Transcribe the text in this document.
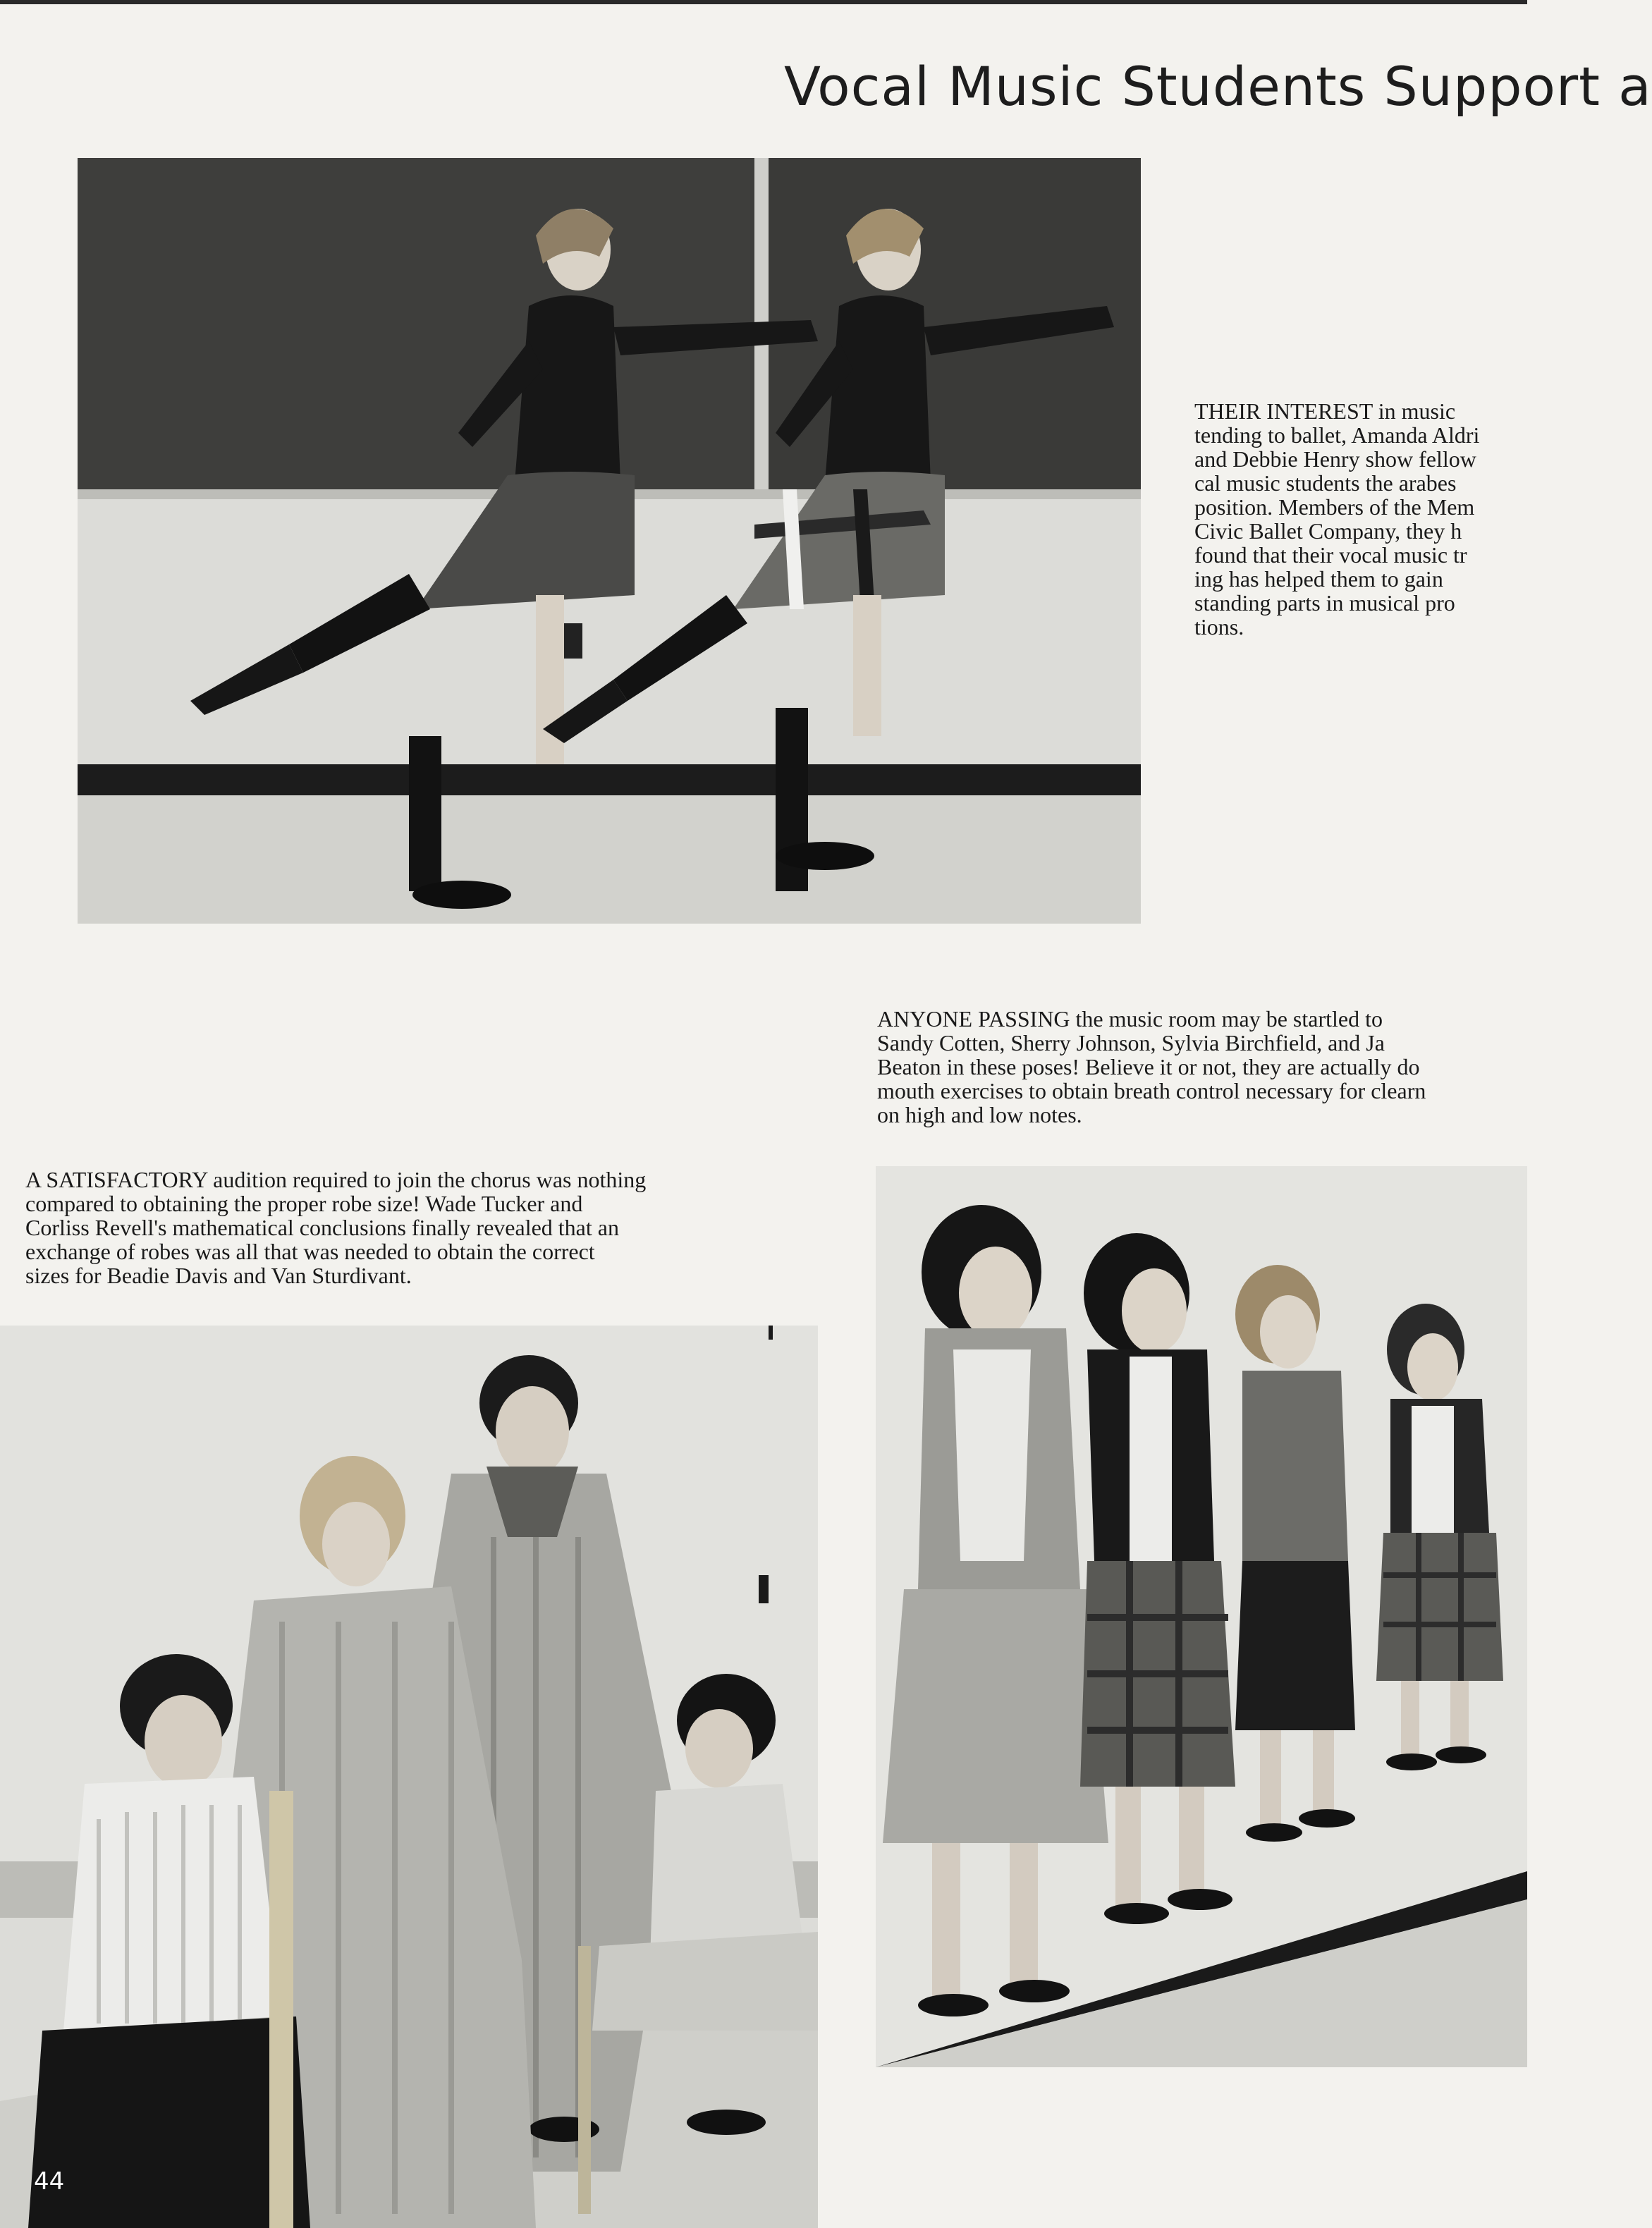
Vocal Music Students Support a
THEIR INTEREST in music
tending to ballet, Amanda Aldri
and Debbie Henry show fellow
cal music students the arabes
position. Members of the Mem
Civic Ballet Company, they h
found that their vocal music tr
ing has helped them to gain
standing parts in musical pro
tions.
ANYONE PASSING the music room may be startled to
Sandy Cotten, Sherry Johnson, Sylvia Birchfield, and Ja
Beaton in these poses! Believe it or not, they are actually do
mouth exercises to obtain breath control necessary for clearn
on high and low notes.
A SATISFACTORY audition required to join the chorus was nothing
compared to obtaining the proper robe size! Wade Tucker and
Corliss Revell's mathematical conclusions finally revealed that an
exchange of robes was all that was needed to obtain the correct
sizes for Beadie Davis and Van Sturdivant.
44
